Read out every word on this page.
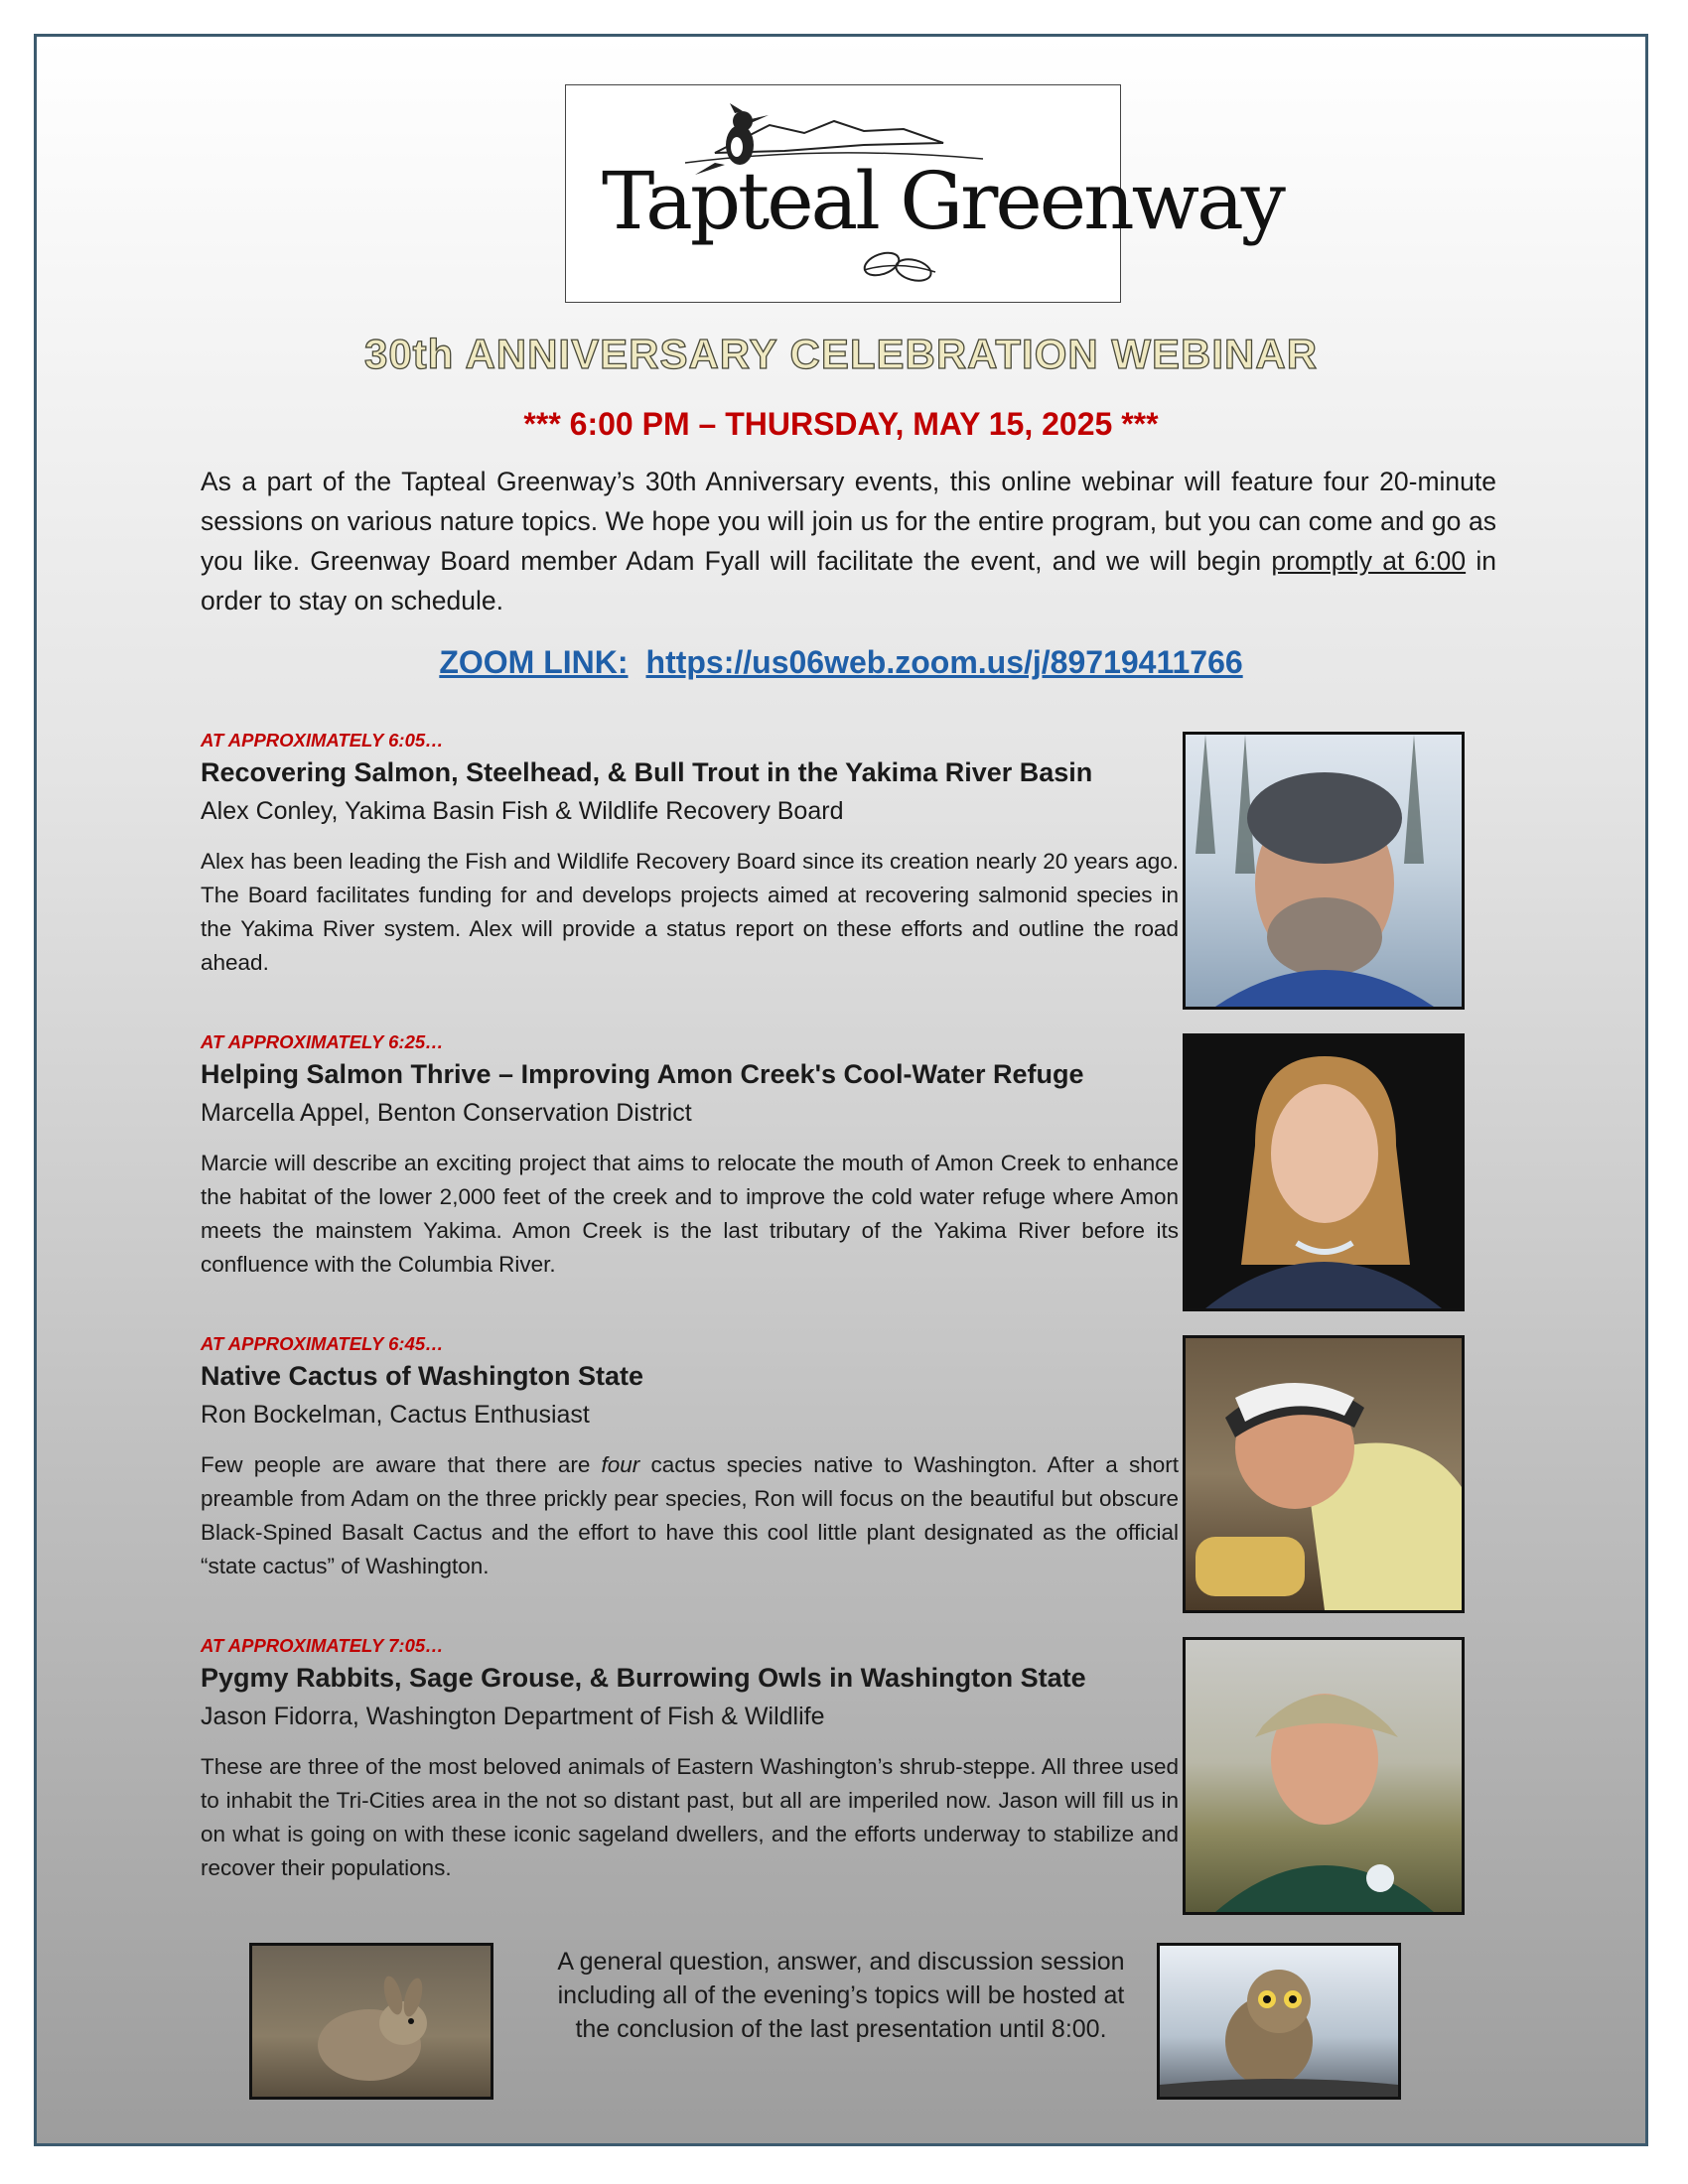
Tapteal Greenway
30th ANNIVERSARY CELEBRATION WEBINAR
*** 6:00 PM – THURSDAY, MAY 15, 2025 ***
As a part of the Tapteal Greenway’s 30th Anniversary events, this online webinar will feature four 20-minute sessions on various nature topics. We hope you will join us for the entire program, but you can come and go as you like. Greenway Board member Adam Fyall will facilitate the event, and we will begin promptly at 6:00 in order to stay on schedule.
ZOOM LINK: https://us06web.zoom.us/j/89719411766
AT APPROXIMATELY 6:05…
Recovering Salmon, Steelhead, & Bull Trout in the Yakima River Basin
Alex Conley, Yakima Basin Fish & Wildlife Recovery Board
Alex has been leading the Fish and Wildlife Recovery Board since its creation nearly 20 years ago. The Board facilitates funding for and develops projects aimed at recovering salmonid species in the Yakima River system. Alex will provide a status report on these efforts and outline the road ahead.
AT APPROXIMATELY 6:25…
Helping Salmon Thrive – Improving Amon Creek's Cool-Water Refuge
Marcella Appel, Benton Conservation District
Marcie will describe an exciting project that aims to relocate the mouth of Amon Creek to enhance the habitat of the lower 2,000 feet of the creek and to improve the cold water refuge where Amon meets the mainstem Yakima. Amon Creek is the last tributary of the Yakima River before its confluence with the Columbia River.
AT APPROXIMATELY 6:45…
Native Cactus of Washington State
Ron Bockelman, Cactus Enthusiast
Few people are aware that there are four cactus species native to Washington. After a short preamble from Adam on the three prickly pear species, Ron will focus on the beautiful but obscure Black-Spined Basalt Cactus and the effort to have this cool little plant designated as the official “state cactus” of Washington.
AT APPROXIMATELY 7:05…
Pygmy Rabbits, Sage Grouse, & Burrowing Owls in Washington State
Jason Fidorra, Washington Department of Fish & Wildlife
These are three of the most beloved animals of Eastern Washington’s shrub-steppe. All three used to inhabit the Tri-Cities area in the not so distant past, but all are imperiled now. Jason will fill us in on what is going on with these iconic sageland dwellers, and the efforts underway to stabilize and recover their populations.
A general question, answer, and discussion session including all of the evening’s topics will be hosted at the conclusion of the last presentation until 8:00.
